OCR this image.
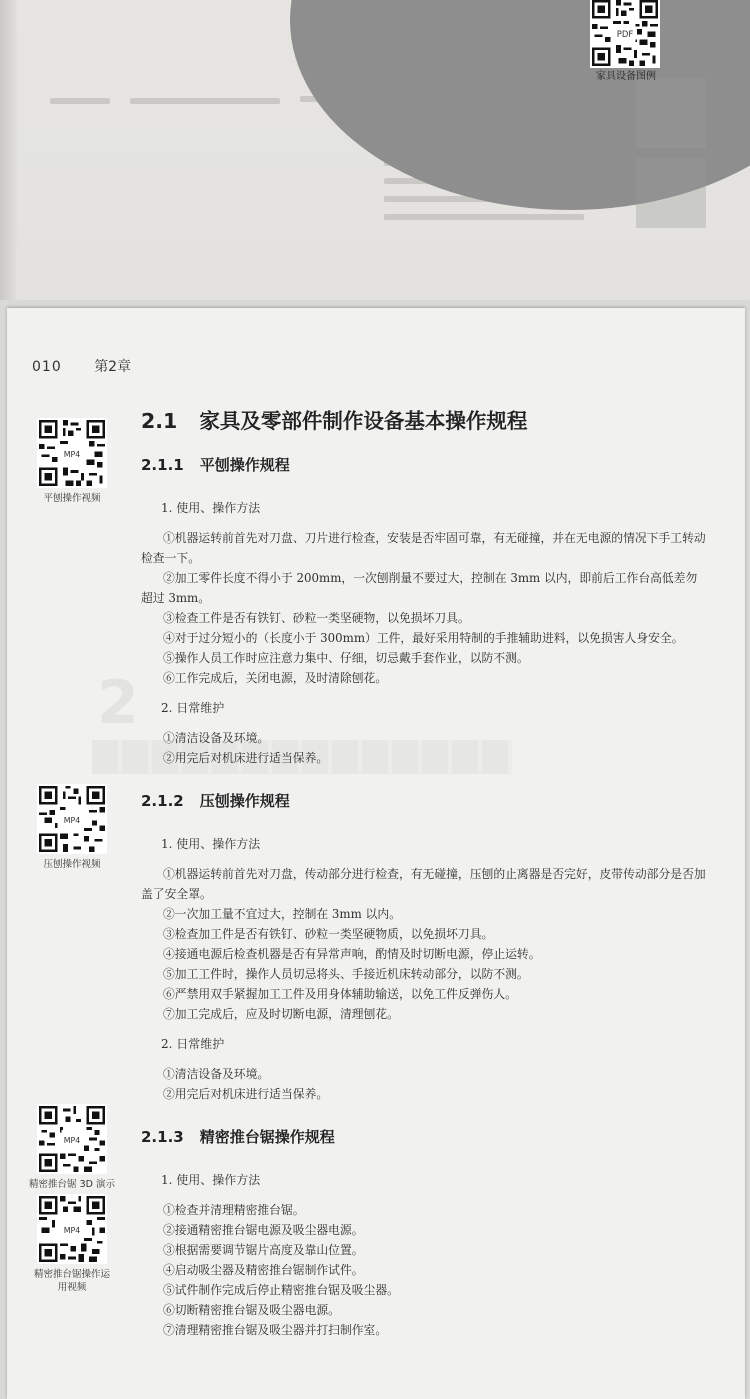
PDF
家具设备图例
2
010 第2章
MP4
平刨操作视频
MP4
压刨操作视频
MP4
精密推台锯 3D 演示
MP4
精密推台锯操作运用视频
2.1 家具及零部件制作设备基本操作规程
2.1.1 平刨操作规程
1. 使用、操作方法

①机器运转前首先对刀盘、刀片进行检查，安装是否牢固可靠，有无碰撞，并在无电源的情况下手工转动检查一下。

②加工零件长度不得小于 200mm，一次刨削量不要过大，控制在 3mm 以内，即前后工作台高低差勿超过 3mm。

③检查工件是否有铁钉、砂粒一类坚硬物，以免损坏刀具。

④对于过分短小的（长度小于 300mm）工件，最好采用特制的手推辅助进料，以免损害人身安全。

⑤操作人员工作时应注意力集中、仔细，切忌戴手套作业，以防不测。

⑥工作完成后，关闭电源，及时清除刨花。

2. 日常维护

①清洁设备及环境。

②用完后对机床进行适当保养。

2.1.2 压刨操作规程
1. 使用、操作方法

①机器运转前首先对刀盘，传动部分进行检查，有无碰撞，压刨的止离器是否完好，皮带传动部分是否加盖了安全罩。

②一次加工量不宜过大，控制在 3mm 以内。

③检查加工件是否有铁钉、砂粒一类坚硬物质，以免损坏刀具。

④接通电源后检查机器是否有异常声响，酌情及时切断电源，停止运转。

⑤加工工件时，操作人员切忌将头、手接近机床转动部分，以防不测。

⑥严禁用双手紧握加工工件及用身体辅助输送，以免工件反弹伤人。

⑦加工完成后，应及时切断电源，清理刨花。

2. 日常维护

①清洁设备及环境。

②用完后对机床进行适当保养。

2.1.3 精密推台锯操作规程
1. 使用、操作方法

①检查并清理精密推台锯。

②接通精密推台锯电源及吸尘器电源。

③根据需要调节锯片高度及靠山位置。

④启动吸尘器及精密推台锯制作试件。

⑤试件制作完成后停止精密推台锯及吸尘器。

⑥切断精密推台锯及吸尘器电源。

⑦清理精密推台锯及吸尘器并打扫制作室。
